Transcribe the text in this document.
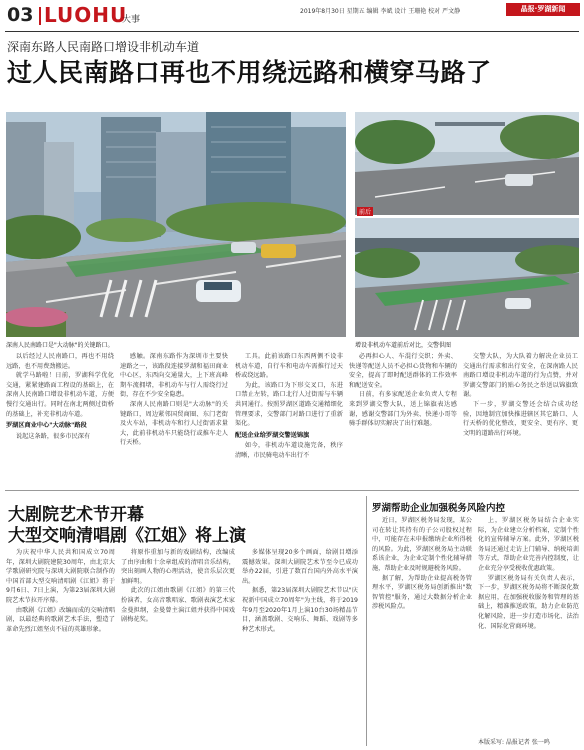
03 LUOHU
大事
2019年8月30日 星期五 编辑 李斌 设计 王珊艳 校对 严文静	晶报·罗湖新闻
深南东路人民南路口增设非机动车道
过人民南路口再也不用绕远路和横穿马路了
深南人民南路口是"大动脉"的关键路口。
前后
增设非机动车道前后对比，交警供图

以后经过人民南路口，再也不用绕远路，也不用费劲搬运。

就学马路啦！日前，罗湖科学优化交通，紧紧建路面工程设的基础上，在深南人民南路口增设非机动车道，方便慢行交通出行。同时在南北两侧过街桥的基础上，补充非机动车道。

罗湖区商业中心"大动脉"路段

说起这条路，很多市民深有

感触。深南东路作为深圳市主要快速路之一，该路段连接罗湖和福田商业中心区，东西向交通量大，上下班高峰期车流拥堵，非机动车与行人需绕行过街，存在不少安全隐患。

深南人民南路口则是"大动脉"的关键路口，周边紧邻国贸商圈、东门老街及火车站，非机动车和行人过街需求量大，此前非机动车只能绕行或推车走人行天桥。

工具。此前该路口东西两侧不设非机动车道，自行车和电动车需推行过天桥或绕远路。

为此，该路口为下形交叉口，东进口禁止左转，路口北行人过街需与车辆共同通行。按照罗湖区道路交通精细化管理要求，交警部门对路口进行了重新渠化。

配送企业给罗湖交警送锦旗

如今，非机动车道设施完备，秩序清晰，市民骑电动车出行不

必再担心人、车混行交织；外卖、快递等配送人员不必担心货物和车辆的安全，提高了即时配送群体的工作效率和配送安全。

日前，有多家配送企业负责人专程来到罗湖交警大队，送上锦旗表达感谢，感谢交警部门为外卖、快递小哥等骑手群体切实解决了出行难题。

交警大队，为大队着力解决企业员工交通出行需求和出行安全，在深南路人民南路口增设非机动车道的行为点赞，并对罗湖交警部门的贴心务民之举送以锦旗致谢。

下一步，罗湖交警还会结合成功经验，因地制宜加快推进辖区其它路口、人行天桥的优化整改，更安全、更有序、更文明的道路出行环境。

大剧院艺术节开幕
大型交响清唱剧《江姐》将上演

为庆祝中华人民共和国成立70周年，深圳大剧院建院30周年，由北京大学歌剧研究院与深圳大剧院联合制作的中国首部大型交响清唱剧《江姐》将于9月6日、7日上演，为第23届深圳大剧院艺术节拉开序幕。

由歌剧《江姐》改编而成的交响清唱剧，以最经典的歌剧艺术手法，塑造了革命先烈江姐坚贞不屈的英雄形象。

将原作重加与新的戏剧结构，改编成了由序曲和十余章组成的清唱音乐结构，突出刻画人物的心理活动，使音乐层次更加鲜明。

此次的江姐由歌剧《江姐》的第三代扮演者，女高音歌唱家、歌剧表演艺术家金曼担纲，金曼曾主演江姐并获得中国戏剧梅花奖。

多媒体呈现20多个画面，给剧目增添震撼效果。深圳大剧院艺术节至今已成功举办22届，引进了数百台国内外高水平演出。

据悉，第23届深圳大剧院艺术节以"庆祝新中国成立70周年"为主线，将于2019年9月至2020年1月上演10台30场精品节目，涵盖歌剧、交响乐、舞蹈、戏剧等多种艺术形式。

罗湖帮助企业加强税务风险内控

近日，罗湖区税务局发现，某公司在转让其持有的子公司股权过程中，可能存在未申报缴纳企业所得税的风险。为此，罗湖区税务局主动联系该企业，为企业定制个性化辅导措施，帮助企业及时规避税务风险。

据了解，为帮助企业提高税务管理水平，罗湖区税务局创新推出"数智管控"服务，通过大数据分析企业涉税风险点。

上，罗湖区税务局结合企业实际，为企业建立分析档案，定制个性化的宣传辅导方案。此外，罗湖区税务局还通过走访上门辅导、纳税培训等方式，帮助企业完善内控制度，让企业充分享受税收优惠政策。

罗湖区税务局有关负责人表示，下一步，罗湖区税务局将不断深化数据应用，在加强税收服务和管理的基础上，精准推送政策，助力企业防范化解风险，进一步打造市场化、法治化、国际化营商环境。

本版采写: 晶报记者 张一鸣
